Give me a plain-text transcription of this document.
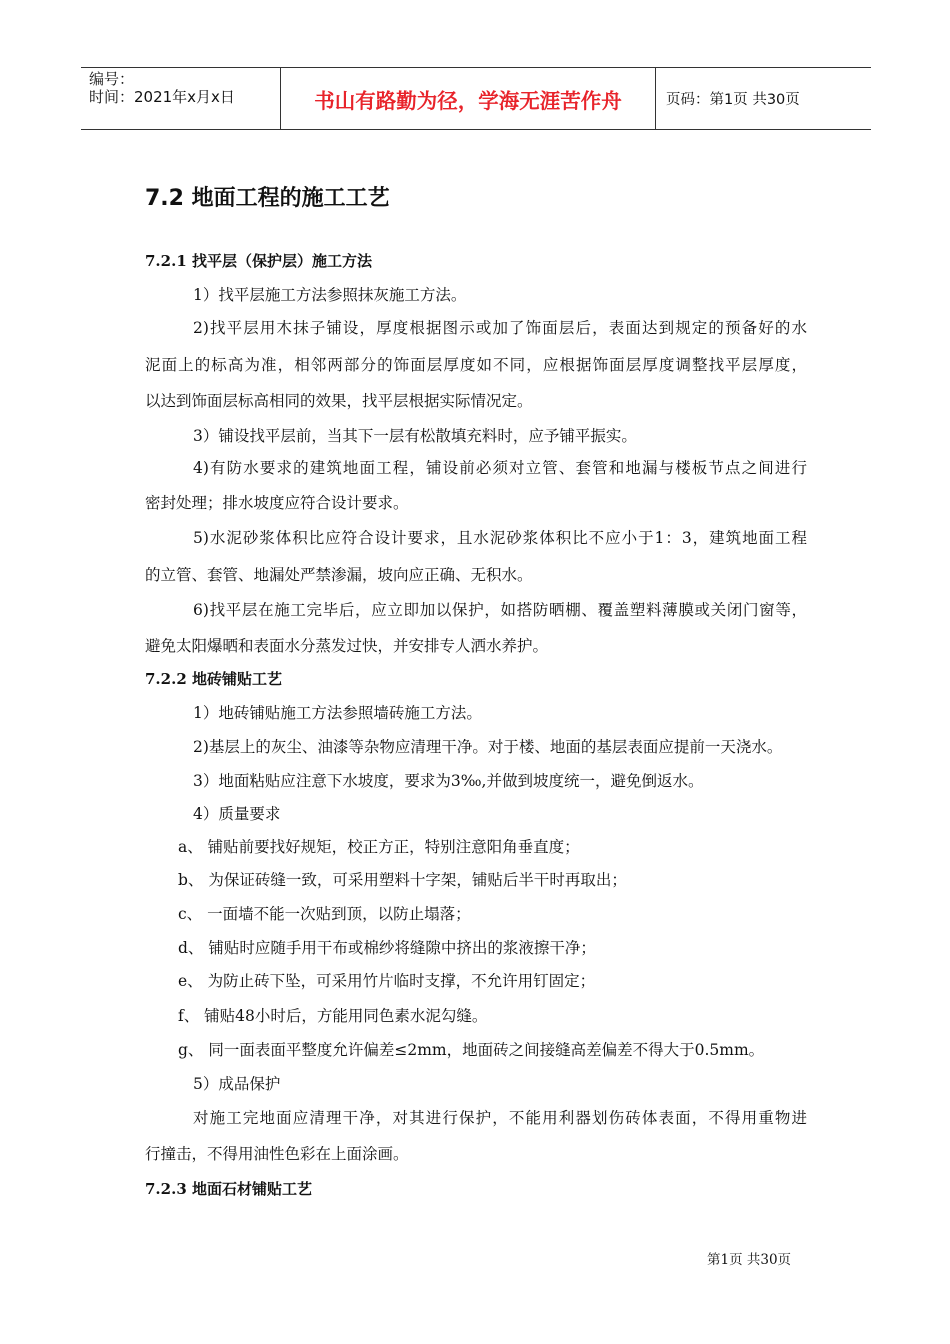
编号：
时间：2021年x月x日	书山有路勤为径，学海无涯苦作舟	页码：第1页 共30页
7.2 地面工程的施工工艺
7.2.1 找平层（保护层）施工方法
1）找平层施工方法参照抹灰施工方法。
2)找平层用木抹子铺设，厚度根据图示或加了饰面层后，表面达到规定的预备好的水
泥面上的标高为准，相邻两部分的饰面层厚度如不同，应根据饰面层厚度调整找平层厚度，
以达到饰面层标高相同的效果，找平层根据实际情况定。
3）铺设找平层前，当其下一层有松散填充料时，应予铺平振实。
4)有防水要求的建筑地面工程，铺设前必须对立管、套管和地漏与楼板节点之间进行
密封处理；排水坡度应符合设计要求。
5)水泥砂浆体积比应符合设计要求，且水泥砂浆体积比不应小于1：3，建筑地面工程
的立管、套管、地漏处严禁渗漏，坡向应正确、无积水。
6)找平层在施工完毕后，应立即加以保护，如搭防晒棚、覆盖塑料薄膜或关闭门窗等，
避免太阳爆晒和表面水分蒸发过快，并安排专人洒水养护。
7.2.2 地砖铺贴工艺
1）地砖铺贴施工方法参照墙砖施工方法。
2)基层上的灰尘、油漆等杂物应清理干净。对于楼、地面的基层表面应提前一天浇水。
3）地面粘贴应注意下水坡度，要求为3‰,并做到坡度统一，避免倒返水。
4）质量要求
a、 铺贴前要找好规矩，校正方正，特别注意阳角垂直度；
b、 为保证砖缝一致，可采用塑料十字架，铺贴后半干时再取出；
c、 一面墙不能一次贴到顶，以防止塌落；
d、 铺贴时应随手用干布或棉纱将缝隙中挤出的浆液擦干净；
e、 为防止砖下坠，可采用竹片临时支撑，不允许用钉固定；
f、 铺贴48小时后，方能用同色素水泥勾缝。
g、 同一面表面平整度允许偏差≤2mm，地面砖之间接缝高差偏差不得大于0.5mm。
5）成品保护
对施工完地面应清理干净，对其进行保护，不能用利器划伤砖体表面，不得用重物进
行撞击，不得用油性色彩在上面涂画。
7.2.3 地面石材铺贴工艺
第1页 共30页
